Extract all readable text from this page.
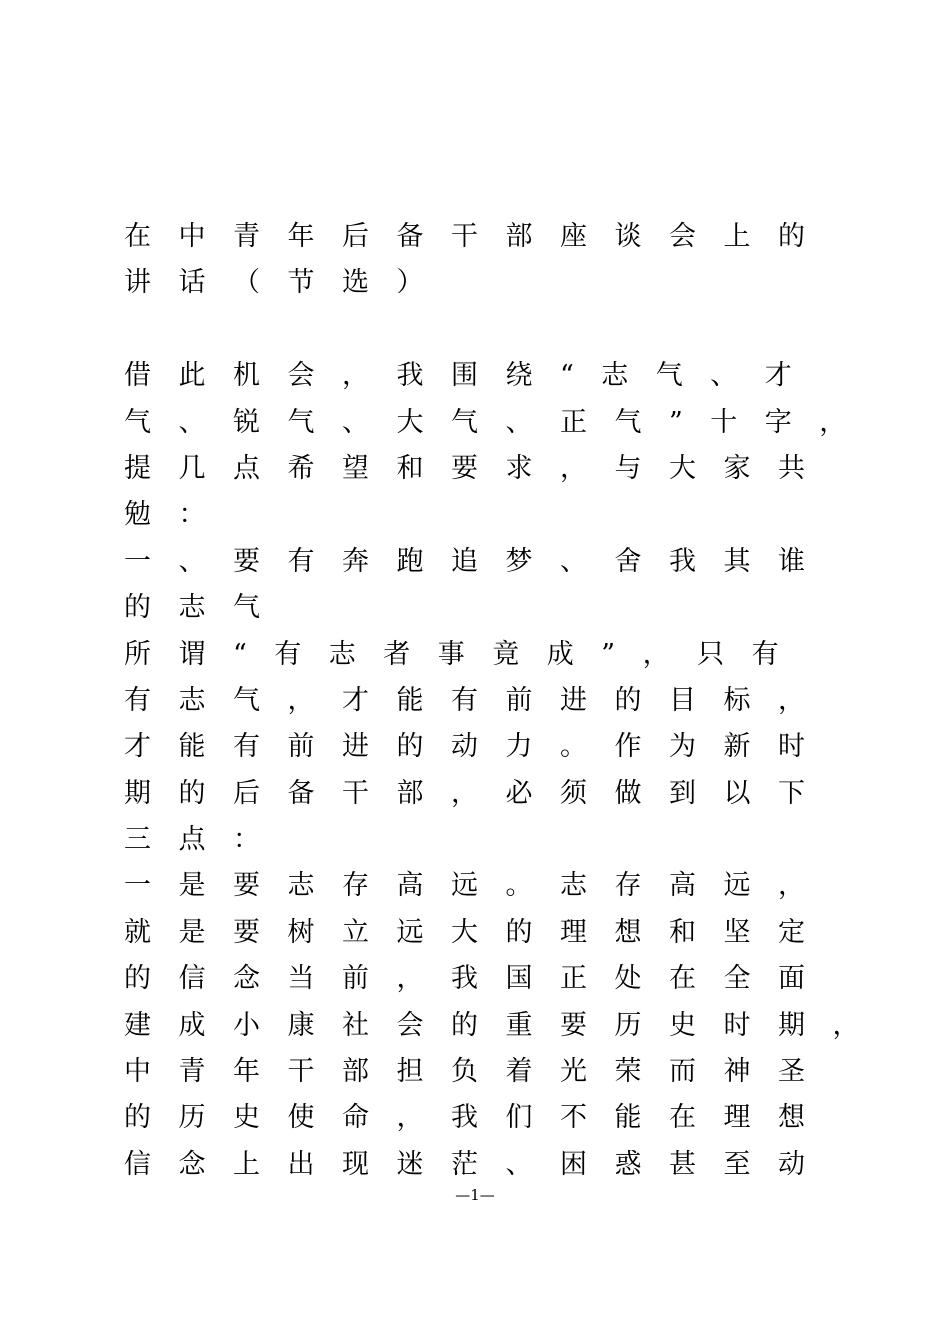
在中青年后备干部座谈会上的
讲话（节选）
借此机会，我围绕“志气、才
气、锐气、大气、正气”十字，
提几点希望和要求，与大家共
勉：
一、要有奔跑追梦、舍我其谁
的志气
所谓“有志者事竟成”，只有
有志气，才能有前进的目标，
才能有前进的动力。作为新时
期的后备干部，必须做到以下
三点：
一是要志存高远。志存高远，
就是要树立远大的理想和坚定
的信念当前，我国正处在全面
建成小康社会的重要历史时期，
中青年干部担负着光荣而神圣
的历史使命，我们不能在理想
信念上出现迷茫、困惑甚至动
—1—
